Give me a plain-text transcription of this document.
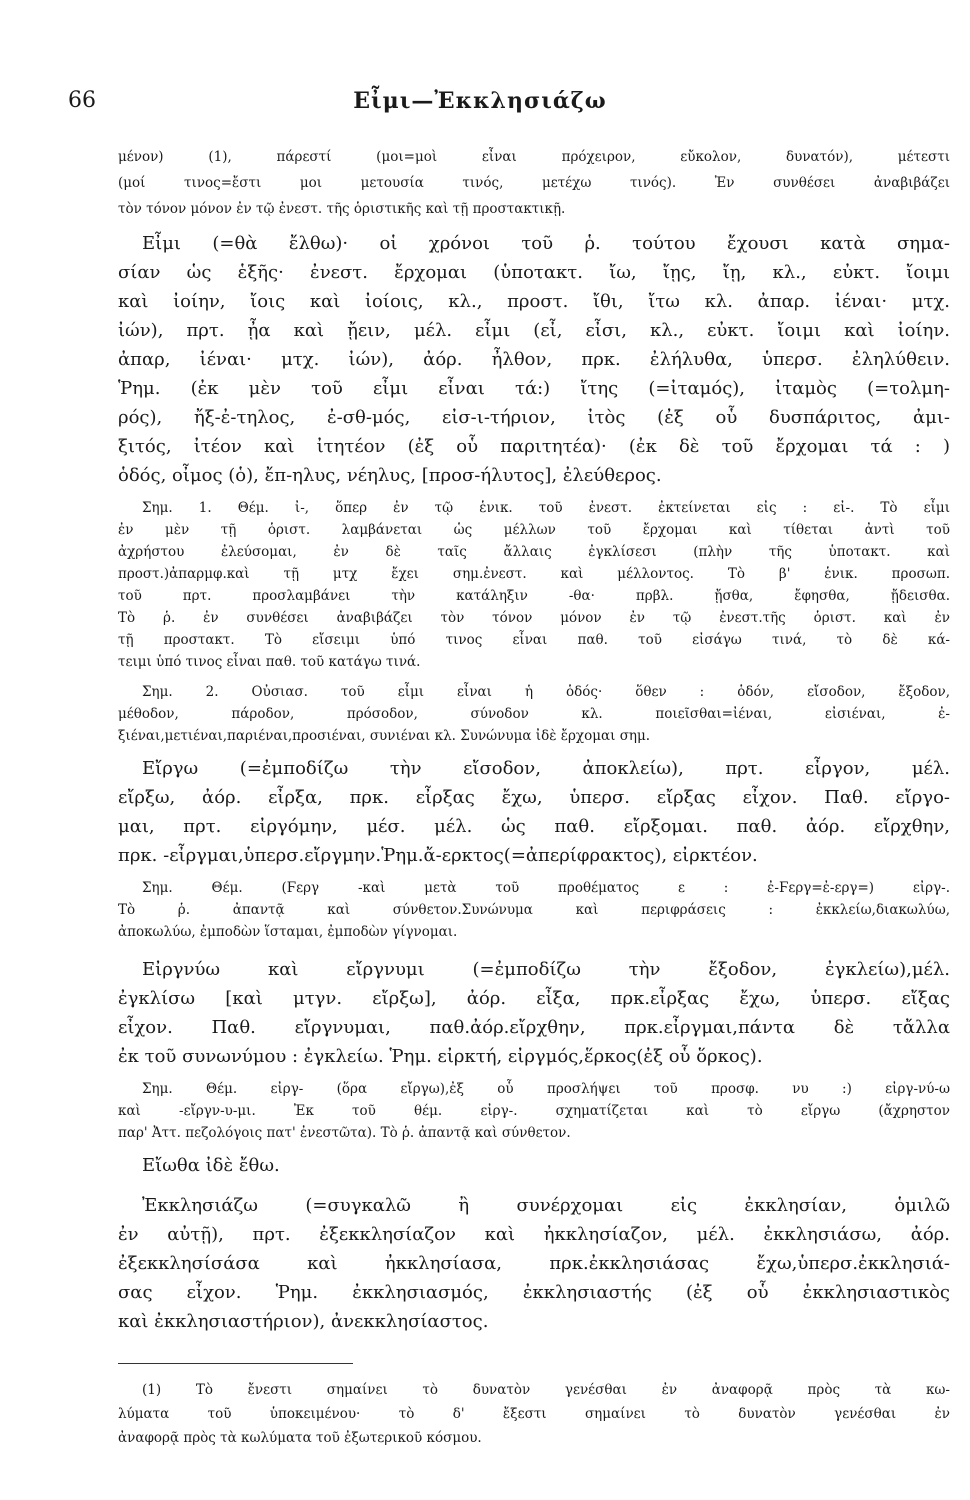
66	Εἶμι—Ἐκκλησιάζω
μένον) (1), πάρεστί (μοι=μοὶ εἶναι πρόχειρον, εὔκολον, δυνατόν), μέτεστι
(μοί τινος=ἔστι μοι μετουσία τινός, μετέχω τινός). Ἐν συνθέσει ἀναβιβάζει
τὸν τόνον μόνον ἐν τῷ ἐνεστ. τῆς ὁριστικῆς καὶ τῇ προστακτικῇ.
Εἶμι (=θὰ ἔλθω)· οἱ χρόνοι τοῦ ῥ. τούτου ἔχουσι κατὰ σημα-
σίαν ὡς ἑξῆς· ἐνεστ. ἔρχομαι (ὑποτακτ. ἴω, ἴῃς, ἴῃ, κλ., εὐκτ. ἴοιμι
καὶ ἰοίην, ἴοις καὶ ἰοίοις, κλ., προστ. ἴθι, ἴτω κλ. ἀπαρ. ἰέναι· μτχ.
ἰών), πρτ. ᾖα καὶ ᾔειν, μέλ. εἶμι (εἶ, εἶσι, κλ., εὐκτ. ἴοιμι καὶ ἰοίην.
ἀπαρ, ἰέναι· μτχ. ἰών), ἀόρ. ἦλθον, πρκ. ἐλήλυθα, ὑπερσ. ἐληλύθειν.
Ῥημ. (ἐκ μὲν τοῦ εἶμι εἶναι τά:) ἴτης (=ἰταμός), ἰταμὸς (=τολμη-
ρός), ἤξ-ἐ-τηλος, ἐ-σθ-μός, εἰσ-ι-τήριον, ἰτὸς (ἐξ οὗ δυσπάριτος, ἀμι-
ξιτός, ἰτέον καὶ ἰτητέον (ἐξ οὗ παριτητέα)· (ἐκ δὲ τοῦ ἔρχομαι τά : )
ὁδός, οἶμος (ὁ), ἔπ-ηλυς, νέηλυς, [προσ-ήλυτος], ἐλεύθερος.
Σημ. 1. Θέμ. ἰ-, ὅπερ ἐν τῷ ἑνικ. τοῦ ἐνεστ. ἐκτείνεται εἰς : εἰ-. Τὸ εἶμι
ἐν μὲν τῇ ὁριστ. λαμβάνεται ὡς μέλλων τοῦ ἔρχομαι καὶ τίθεται ἀντὶ τοῦ
ἀχρήστου ἐλεύσομαι, ἐν δὲ ταῖς ἄλλαις ἐγκλίσεσι (πλὴν τῆς ὑποτακτ. καὶ
προστ.)ἀπαρμφ.καὶ τῇ μτχ ἔχει σημ.ἐνεστ. καὶ μέλλοντος. Τὸ β' ἑνικ. προσωπ.
τοῦ πρτ. προσλαμβάνει τὴν κατάληξιν -θα· πρβλ. ᾔσθα, ἔφησθα, ᾔδεισθα.
Τὸ ῥ. ἐν συνθέσει ἀναβιβάζει τὸν τόνον μόνον ἐν τῷ ἐνεστ.τῆς ὁριστ. καὶ ἐν
τῇ προστακτ. Τὸ εἴσειμι ὑπό τινος εἶναι παθ. τοῦ εἰσάγω τινά, τὸ δὲ κά-
τειμι ὑπό τινος εἶναι παθ. τοῦ κατάγω τινά.
Σημ. 2. Οὐσιασ. τοῦ εἶμι εἶναι ἡ ὁδός· ὅθεν : ὁδόν, εἴσοδον, ἔξοδον,
μέθοδον, πάροδον, πρόσοδον, σύνοδον κλ. ποιεῖσθαι=ἰέναι, εἰσιέναι, ἐ-
ξιέναι,μετιέναι,παριέναι,προσιέναι, συνιέναι κλ. Συνώνυμα ἰδὲ ἔρχομαι σημ.
Εἴργω (=ἐμποδίζω τὴν εἴσοδον, ἀποκλείω), πρτ. εἶργον, μέλ.
εἴρξω, ἀόρ. εἶρξα, πρκ. εἶρξας ἔχω, ὑπερσ. εἴρξας εἶχον. Παθ. εἴργο-
μαι, πρτ. εἰργόμην, μέσ. μέλ. ὡς παθ. εἴρξομαι. παθ. ἀόρ. εἴρχθην,
πρκ. -εἶργμαι,ὑπερσ.εἴργμην.Ῥημ.ἄ-ερκτος(=ἀπερίφρακτος), εἰρκτέον.
Σημ. Θέμ. (Ϝεργ -καὶ μετὰ τοῦ προθέματος ε : ἐ-Ϝεργ=ἐ-εργ=) εἰργ-.
Τὸ ῥ. ἀπαντᾷ καὶ σύνθετον.Συνώνυμα καὶ περιφράσεις : ἐκκλείω,διακωλύω,
ἀποκωλύω, ἐμποδὼν ἵσταμαι, ἐμποδὼν γίγνομαι.
Εἰργνύω καὶ εἴργνυμι (=ἐμποδίζω τὴν ἔξοδον, ἐγκλείω),μέλ.
ἐγκλίσω [καὶ μτγν. εἴρξω], ἀόρ. εἶξα, πρκ.εἶρξας ἔχω, ὑπερσ. εἴξας
εἶχον. Παθ. εἴργνυμαι, παθ.ἀόρ.εἴρχθην, πρκ.εἶργμαι,πάντα δὲ τἄλλα
ἐκ τοῦ συνωνύμου : ἐγκλείω. Ῥημ. εἰρκτή, εἰργμός,ἕρκος(ἐξ οὗ ὅρκος).
Σημ. Θέμ. εἰργ- (ὅρα εἴργω),ἐξ οὗ προσλήψει τοῦ προσφ. νυ :) εἰργ-νύ-ω
καὶ -εἴργν-υ-μι. Ἐκ τοῦ θέμ. εἰργ-. σχηματίζεται καὶ τὸ εἴργω (ἄχρηστον
παρ' Ἀττ. πεζολόγοις πατ' ἐνεστῶτα). Τὸ ῥ. ἀπαντᾷ καὶ σύνθετον.
Εἴωθα ἰδὲ ἔθω.
Ἐκκλησιάζω (=συγκαλῶ ἢ συνέρχομαι εἰς ἐκκλησίαν, ὁμιλῶ
ἐν αὐτῇ), πρτ. ἐξεκκλησίαζον καὶ ἠκκλησίαζον, μέλ. ἐκκλησιάσω, ἀόρ.
ἐξεκκλησίσάσα καὶ ἠκκλησίασα, πρκ.ἐκκλησιάσας ἔχω,ὑπερσ.ἐκκλησιά-
σας εἶχον. Ῥημ. ἐκκλησιασμός, ἐκκλησιαστής (ἐξ οὗ ἐκκλησιαστικὸς
καὶ ἐκκλησιαστήριον), ἀνεκκλησίαστος.
(1) Τὸ ἔνεστι σημαίνει τὸ δυνατὸν γενέσθαι ἐν ἀναφορᾷ πρὸς τὰ κω-
λύματα τοῦ ὑποκειμένου· τὸ δ' ἔξεστι σημαίνει τὸ δυνατὸν γενέσθαι ἐν
ἀναφορᾷ πρὸς τὰ κωλύματα τοῦ ἐξωτερικοῦ κόσμου.
